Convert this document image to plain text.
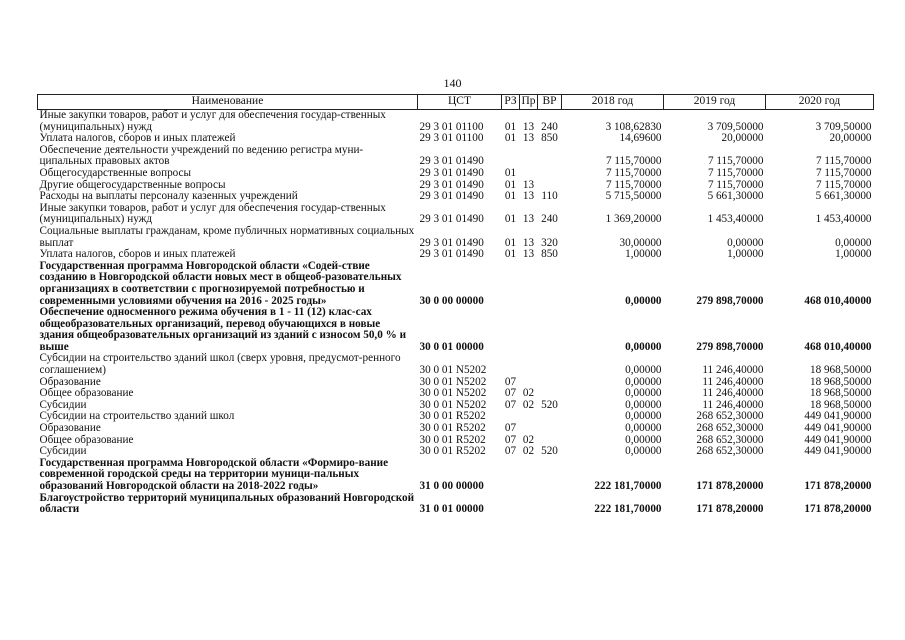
140
Наименование	ЦСТ	РЗ	Пр	ВР	2018 год	2019 год	2020 год
Иные закупки товаров, работ и услуг для обеспечения государ-ственных (муниципальных) нужд	29 3 01 01100	01	13	240	3 108,62830	3 709,50000	3 709,50000
Уплата налогов, сборов и иных платежей	29 3 01 01100	01	13	850	14,69600	20,00000	20,00000
Обеспечение деятельности учреждений по ведению регистра муни-ципальных правовых актов	29 3 01 01490				7 115,70000	7 115,70000	7 115,70000
Общегосударственные вопросы	29 3 01 01490	01			7 115,70000	7 115,70000	7 115,70000
Другие общегосударственные вопросы	29 3 01 01490	01	13		7 115,70000	7 115,70000	7 115,70000
Расходы на выплаты персоналу казенных учреждений	29 3 01 01490	01	13	110	5 715,50000	5 661,30000	5 661,30000
Иные закупки товаров, работ и услуг для обеспечения государ-ственных (муниципальных) нужд	29 3 01 01490	01	13	240	1 369,20000	1 453,40000	1 453,40000
Социальные выплаты гражданам, кроме публичных нормативных социальных выплат	29 3 01 01490	01	13	320	30,00000	0,00000	0,00000
Уплата налогов, сборов и иных платежей	29 3 01 01490	01	13	850	1,00000	1,00000	1,00000
Государственная программа Новгородской области «Содей-ствие созданию в Новгородской области новых мест в общеоб-разовательных организациях в соответствии с прогнозируемой потребностью и современными условиями обучения на 2016 - 2025 годы»	30 0 00 00000				0,00000	279 898,70000	468 010,40000
Обеспечение односменного режима обучения в 1 - 11 (12) клас-сах общеобразовательных организаций, перевод обучающихся в новые здания общеобразовательных организаций из зданий с износом 50,0 % и выше	30 0 01 00000				0,00000	279 898,70000	468 010,40000
Субсидии на строительство зданий школ (сверх уровня, предусмот-ренного соглашением)	30 0 01 N5202				0,00000	11 246,40000	18 968,50000
Образование	30 0 01 N5202	07			0,00000	11 246,40000	18 968,50000
Общее образование	30 0 01 N5202	07	02		0,00000	11 246,40000	18 968,50000
Субсидии	30 0 01 N5202	07	02	520	0,00000	11 246,40000	18 968,50000
Субсидии на строительство зданий школ	30 0 01 R5202				0,00000	268 652,30000	449 041,90000
Образование	30 0 01 R5202	07			0,00000	268 652,30000	449 041,90000
Общее образование	30 0 01 R5202	07	02		0,00000	268 652,30000	449 041,90000
Субсидии	30 0 01 R5202	07	02	520	0,00000	268 652,30000	449 041,90000
Государственная программа Новгородской области «Формиро-вание современной городской среды на территории муници-пальных образований Новгородской области на 2018-2022 годы»	31 0 00 00000				222 181,70000	171 878,20000	171 878,20000
Благоустройство территорий муниципальных образований Новгородской области	31 0 01 00000				222 181,70000	171 878,20000	171 878,20000
